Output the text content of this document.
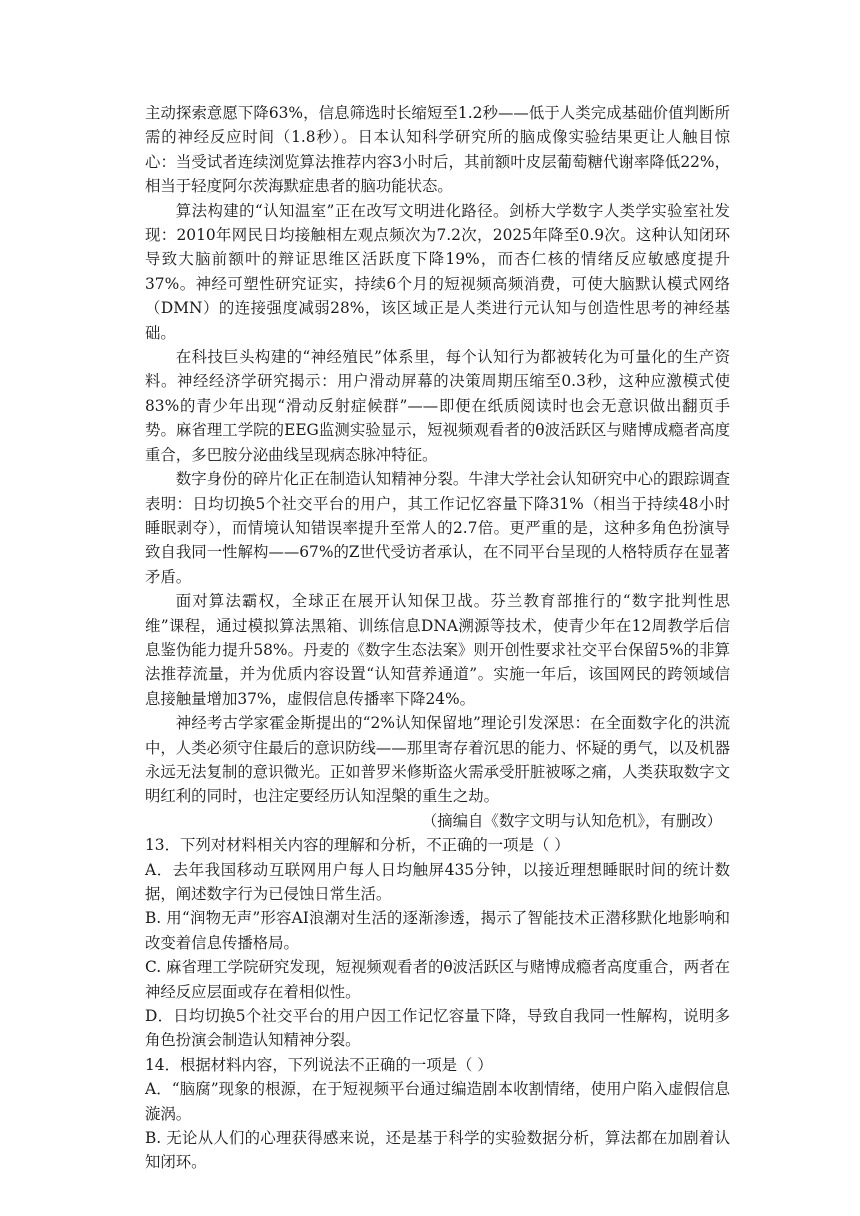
主动探索意愿下降63%，信息筛选时长缩短至1.2秒——低于人类完成基础价值判断所需的神经反应时间（1.8秒）。日本认知科学研究所的脑成像实验结果更让人触目惊心：当受试者连续浏览算法推荐内容3小时后，其前额叶皮层葡萄糖代谢率降低22%，相当于轻度阿尔茨海默症患者的脑功能状态。

算法构建的“认知温室”正在改写文明进化路径。剑桥大学数字人类学实验室社发现：2010年网民日均接触相左观点频次为7.2次，2025年降至0.9次。这种认知闭环导致大脑前额叶的辩证思维区活跃度下降19%，而杏仁核的情绪反应敏感度提升37%。神经可塑性研究证实，持续6个月的短视频高频消费，可使大脑默认模式网络（DMN）的连接强度减弱28%，该区域正是人类进行元认知与创造性思考的神经基础。

在科技巨头构建的“神经殖民”体系里，每个认知行为都被转化为可量化的生产资料。神经经济学研究揭示：用户滑动屏幕的决策周期压缩至0.3秒，这种应激模式使83%的青少年出现“滑动反射症候群”——即便在纸质阅读时也会无意识做出翻页手势。麻省理工学院的EEG监测实验显示，短视频观看者的θ波活跃区与赌博成瘾者高度重合，多巴胺分泌曲线呈现病态脉冲特征。

数字身份的碎片化正在制造认知精神分裂。牛津大学社会认知研究中心的跟踪调查表明：日均切换5个社交平台的用户，其工作记忆容量下降31%（相当于持续48小时睡眠剥夺），而情境认知错误率提升至常人的2.7倍。更严重的是，这种多角色扮演导致自我同一性解构——67%的Z世代受访者承认，在不同平台呈现的人格特质存在显著矛盾。

面对算法霸权，全球正在展开认知保卫战。芬兰教育部推行的“数字批判性思维”课程，通过模拟算法黑箱、训练信息DNA溯源等技术，使青少年在12周教学后信息鉴伪能力提升58%。丹麦的《数字生态法案》则开创性要求社交平台保留5%的非算法推荐流量，并为优质内容设置“认知营养通道”。实施一年后，该国网民的跨领域信息接触量增加37%，虚假信息传播率下降24%。

神经考古学家霍金斯提出的“2%认知保留地”理论引发深思：在全面数字化的洪流中，人类必须守住最后的意识防线——那里寄存着沉思的能力、怀疑的勇气，以及机器永远无法复制的意识微光。正如普罗米修斯盗火需承受肝脏被啄之痛，人类获取数字文明红利的同时，也注定要经历认知涅槃的重生之劫。

（摘编自《数字文明与认知危机》，有删改）

13．下列对材料相关内容的理解和分析，不正确的一项是（ ）

A．去年我国移动互联网用户每人日均触屏435分钟，以接近理想睡眠时间的统计数据，阐述数字行为已侵蚀日常生活。

B. 用“润物无声”形容AI浪潮对生活的逐渐渗透，揭示了智能技术正潜移默化地影响和改变着信息传播格局。

C. 麻省理工学院研究发现，短视频观看者的θ波活跃区与赌博成瘾者高度重合，两者在神经反应层面或存在着相似性。

D．日均切换5个社交平台的用户因工作记忆容量下降，导致自我同一性解构，说明多角色扮演会制造认知精神分裂。

14．根据材料内容，下列说法不正确的一项是（ ）

A．“脑腐”现象的根源，在于短视频平台通过编造剧本收割情绪，使用户陷入虚假信息漩涡。

B. 无论从人们的心理获得感来说，还是基于科学的实验数据分析，算法都在加剧着认知闭环。
